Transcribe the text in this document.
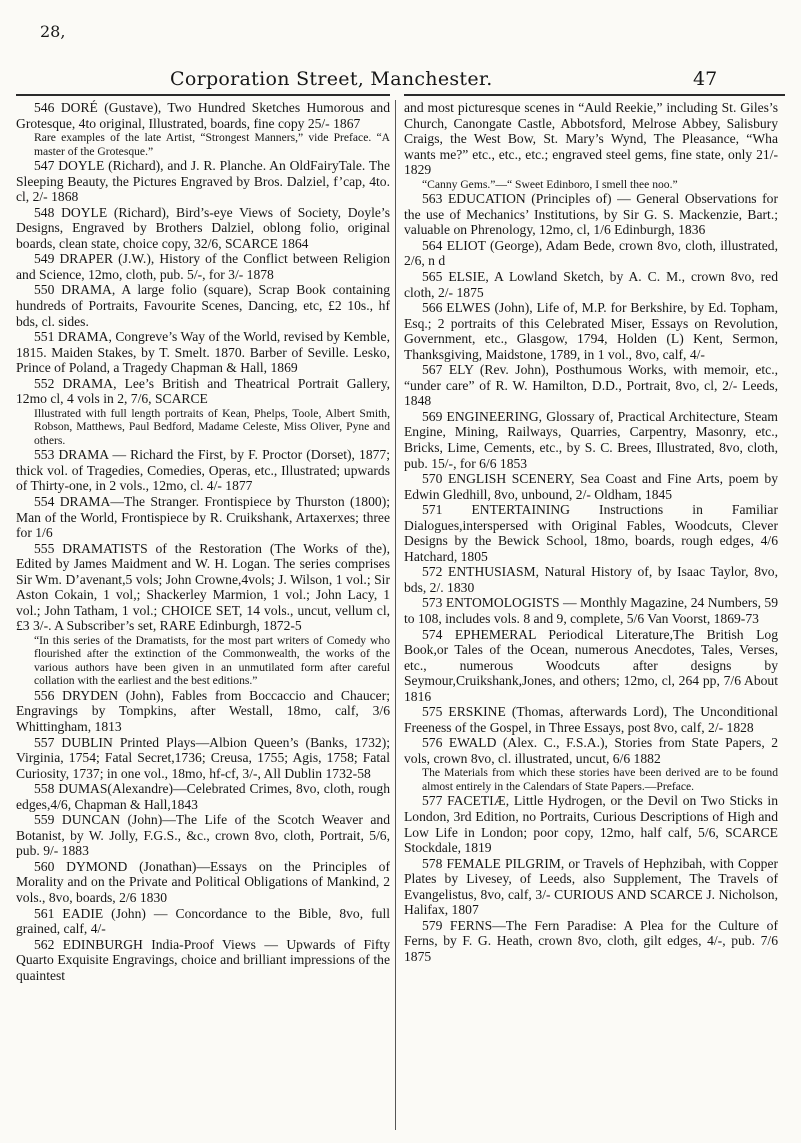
28,
Corporation Street, Manchester.	47

546 DORÉ (Gustave), Two Hundred Sketches Humorous and Grotesque, 4to original, Illustrated, boards, fine copy 25/- 1867

Rare examples of the late Artist, “Strongest Manners,” vide Preface. “A master of the Grotesque.”

547 DOYLE (Richard), and J. R. Planche. An OldFairyTale. The Sleeping Beauty, the Pictures Engraved by Bros. Dalziel, f’cap, 4to. cl, 2/- 1868

548 DOYLE (Richard), Bird’s-eye Views of Society, Doyle’s Designs, Engraved by Brothers Dalziel, oblong folio, original boards, clean state, choice copy, 32/6, SCARCE 1864

549 DRAPER (J.W.), History of the Conflict between Religion and Science, 12mo, cloth, pub. 5/-, for 3/- 1878

550 DRAMA, A large folio (square), Scrap Book containing hundreds of Portraits, Favourite Scenes, Dancing, etc, £2 10s., hf bds, cl. sides.

551 DRAMA, Congreve’s Way of the World, revised by Kemble, 1815. Maiden Stakes, by T. Smelt. 1870. Barber of Seville. Lesko, Prince of Poland, a Tragedy Chapman & Hall, 1869

552 DRAMA, Lee’s British and Theatrical Portrait Gallery, 12mo cl, 4 vols in 2, 7/6, SCARCE

Illustrated with full length portraits of Kean, Phelps, Toole, Albert Smith, Robson, Matthews, Paul Bedford, Madame Celeste, Miss Oliver, Pyne and others.

553 DRAMA — Richard the First, by F. Proctor (Dorset), 1877; thick vol. of Tragedies, Comedies, Operas, etc., Illustrated; upwards of Thirty-one, in 2 vols., 12mo, cl. 4/- 1877

554 DRAMA—The Stranger. Frontispiece by Thurston (1800); Man of the World, Frontispiece by R. Cruikshank, Artaxerxes; three for 1/6

555 DRAMATISTS of the Restoration (The Works of the), Edited by James Maidment and W. H. Logan. The series comprises Sir Wm. D’avenant,5 vols; John Crowne,4vols; J. Wilson, 1 vol.; Sir Aston Cokain, 1 vol,; Shackerley Marmion, 1 vol.; John Lacy, 1 vol.; John Tatham, 1 vol.; CHOICE SET, 14 vols., uncut, vellum cl, £3 3/-. A Subscriber’s set, RARE Edinburgh, 1872-5

“In this series of the Dramatists, for the most part writers of Comedy who flourished after the extinction of the Commonwealth, the works of the various authors have been given in an unmutilated form after careful collation with the earliest and the best editions.”

556 DRYDEN (John), Fables from Boccaccio and Chaucer; Engravings by Tompkins, after Westall, 18mo, calf, 3/6 Whittingham, 1813

557 DUBLIN Printed Plays—Albion Queen’s (Banks, 1732); Virginia, 1754; Fatal Secret,1736; Creusa, 1755; Agis, 1758; Fatal Curiosity, 1737; in one vol., 18mo, hf-cf, 3/-, All Dublin 1732-58

558 DUMAS(Alexandre)—Celebrated Crimes, 8vo, cloth, rough edges,4/6, Chapman & Hall,1843

559 DUNCAN (John)—The Life of the Scotch Weaver and Botanist, by W. Jolly, F.G.S., &c., crown 8vo, cloth, Portrait, 5/6, pub. 9/- 1883

560 DYMOND (Jonathan)—Essays on the Principles of Morality and on the Private and Political Obligations of Mankind, 2 vols., 8vo, boards, 2/6 1830

561 EADIE (John) — Concordance to the Bible, 8vo, full grained, calf, 4/-

562 EDINBURGH India-Proof Views — Upwards of Fifty Quarto Exquisite Engravings, choice and brilliant impressions of the quaintest

and most picturesque scenes in “Auld Reekie,” including St. Giles’s Church, Canongate Castle, Abbotsford, Melrose Abbey, Salisbury Craigs, the West Bow, St. Mary’s Wynd, The Pleasance, “Wha wants me?” etc., etc., etc.; engraved steel gems, fine state, only 21/- 1829

“Canny Gems.”—“ Sweet Edinboro, I smell thee noo.”

563 EDUCATION (Principles of) — General Observations for the use of Mechanics’ Institutions, by Sir G. S. Mackenzie, Bart.; valuable on Phrenology, 12mo, cl, 1/6 Edinburgh, 1836

564 ELIOT (George), Adam Bede, crown 8vo, cloth, illustrated, 2/6, n d

565 ELSIE, A Lowland Sketch, by A. C. M., crown 8vo, red cloth, 2/- 1875

566 ELWES (John), Life of, M.P. for Berkshire, by Ed. Topham, Esq.; 2 portraits of this Celebrated Miser, Essays on Revolution, Government, etc., Glasgow, 1794, Holden (L) Kent, Sermon, Thanksgiving, Maidstone, 1789, in 1 vol., 8vo, calf, 4/-

567 ELY (Rev. John), Posthumous Works, with memoir, etc., “under care” of R. W. Hamilton, D.D., Portrait, 8vo, cl, 2/- Leeds, 1848

569 ENGINEERING, Glossary of, Practical Architecture, Steam Engine, Mining, Railways, Quarries, Carpentry, Masonry, etc., Bricks, Lime, Cements, etc., by S. C. Brees, Illustrated, 8vo, cloth, pub. 15/-, for 6/6 1853

570 ENGLISH SCENERY, Sea Coast and Fine Arts, poem by Edwin Gledhill, 8vo, unbound, 2/- Oldham, 1845

571 ENTERTAINING Instructions in Familiar Dialogues,interspersed with Original Fables, Woodcuts, Clever Designs by the Bewick School, 18mo, boards, rough edges, 4/6 Hatchard, 1805

572 ENTHUSIASM, Natural History of, by Isaac Taylor, 8vo, bds, 2/. 1830

573 ENTOMOLOGISTS — Monthly Magazine, 24 Numbers, 59 to 108, includes vols. 8 and 9, complete, 5/6 Van Voorst, 1869-73

574 EPHEMERAL Periodical Literature,The British Log Book,or Tales of the Ocean, numerous Anecdotes, Tales, Verses, etc., numerous Woodcuts after designs by Seymour,Cruikshank,Jones, and others; 12mo, cl, 264 pp, 7/6 About 1816

575 ERSKINE (Thomas, afterwards Lord), The Unconditional Freeness of the Gospel, in Three Essays, post 8vo, calf, 2/- 1828

576 EWALD (Alex. C., F.S.A.), Stories from State Papers, 2 vols, crown 8vo, cl. illustrated, uncut, 6/6 1882

The Materials from which these stories have been derived are to be found almost entirely in the Calendars of State Papers.—Preface.

577 FACETIÆ, Little Hydrogen, or the Devil on Two Sticks in London, 3rd Edition, no Portraits, Curious Descriptions of High and Low Life in London; poor copy, 12mo, half calf, 5/6, SCARCE Stockdale, 1819

578 FEMALE PILGRIM, or Travels of Hephzibah, with Copper Plates by Livesey, of Leeds, also Supplement, The Travels of Evangelistus, 8vo, calf, 3/- CURIOUS AND SCARCE J. Nicholson, Halifax, 1807

579 FERNS—The Fern Paradise: A Plea for the Culture of Ferns, by F. G. Heath, crown 8vo, cloth, gilt edges, 4/-, pub. 7/6 1875
